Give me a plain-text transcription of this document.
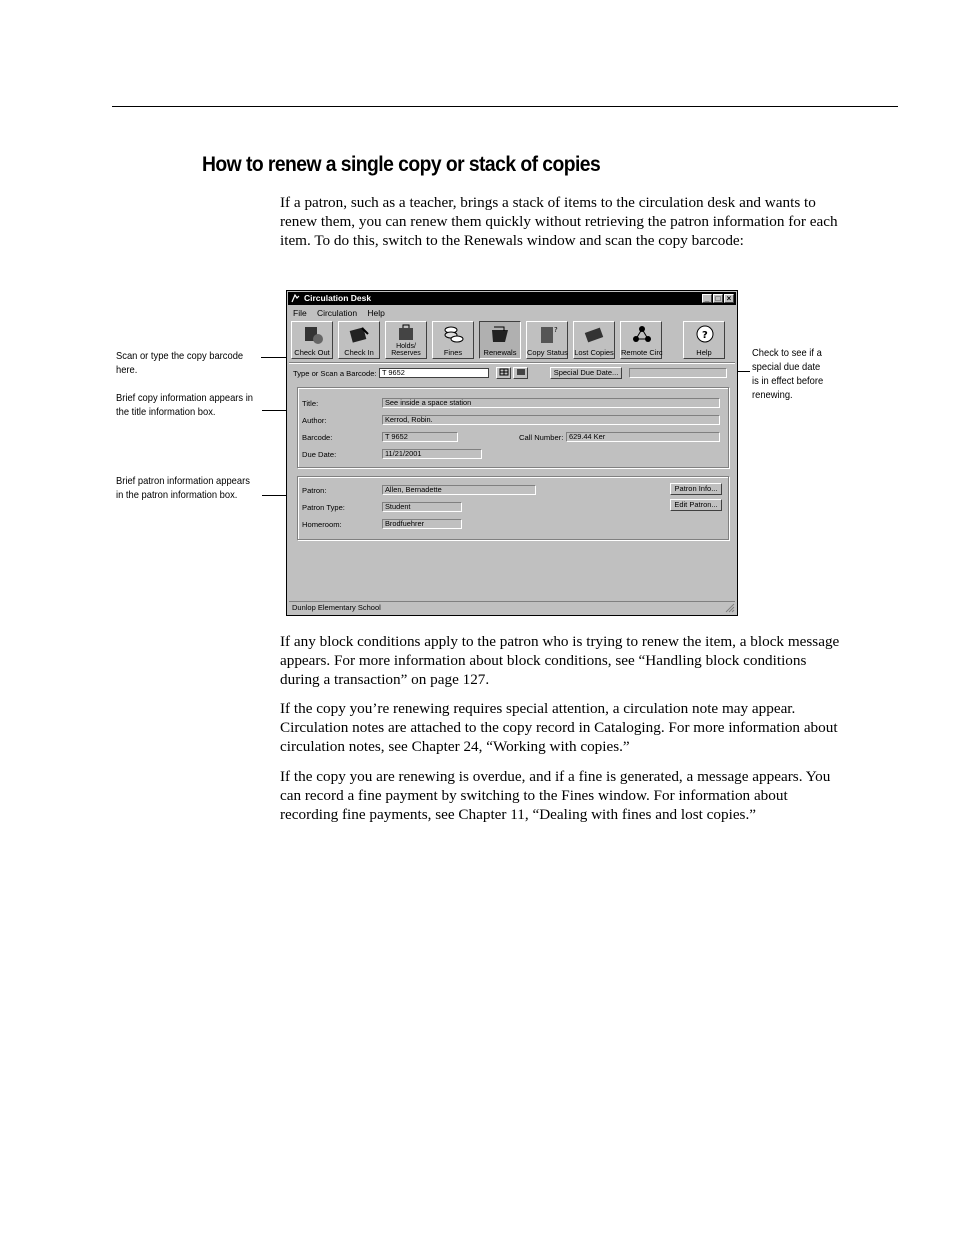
How to renew a single copy or stack of copies

If a patron, such as a teacher, brings a stack of items to the circulation desk and wants to renew them, you can renew them quickly without retrieving the patron information for each item. To do this, switch to the Renewals window and scan the copy barcode:

Scan or type the copy barcode
here.
Brief copy information appears in
the title information box.
Brief patron information appears
in the patron information box.
Check to see if a
special due date
is in effect before
renewing.
Circulation Desk	_ □ ×
File Circulation Help
Check Out	Check In
Holds/ Reserves	Fines	Renewals
?
Copy Status Lost Copies Remote Circ
?
Help
Type or Scan a Barcode: T 9652	Special Due Date...
Title:	See inside a space station
Author:	Kerrod, Robin.
Barcode:	T 9652	Call Number: 629.44 Ker
Due Date:	11/21/2001
Patron:	Allen, Bernadette
Patron Type:	Student
Homeroom:	Brodfuehrer
Patron Info...
Edit Patron...
Dunlop Elementary School

If any block conditions apply to the patron who is trying to renew the item, a block message appears. For more information about block conditions, see “Handling block conditions during a transaction” on page 127.

If the copy you’re renewing requires special attention, a circulation note may appear. Circulation notes are attached to the copy record in Cataloging. For more information about circulation notes, see Chapter 24, “Working with copies.”

If the copy you are renewing is overdue, and if a fine is generated, a message appears. You can record a fine payment by switching to the Fines window. For information about recording fine payments, see Chapter 11, “Dealing with fines and lost copies.”
